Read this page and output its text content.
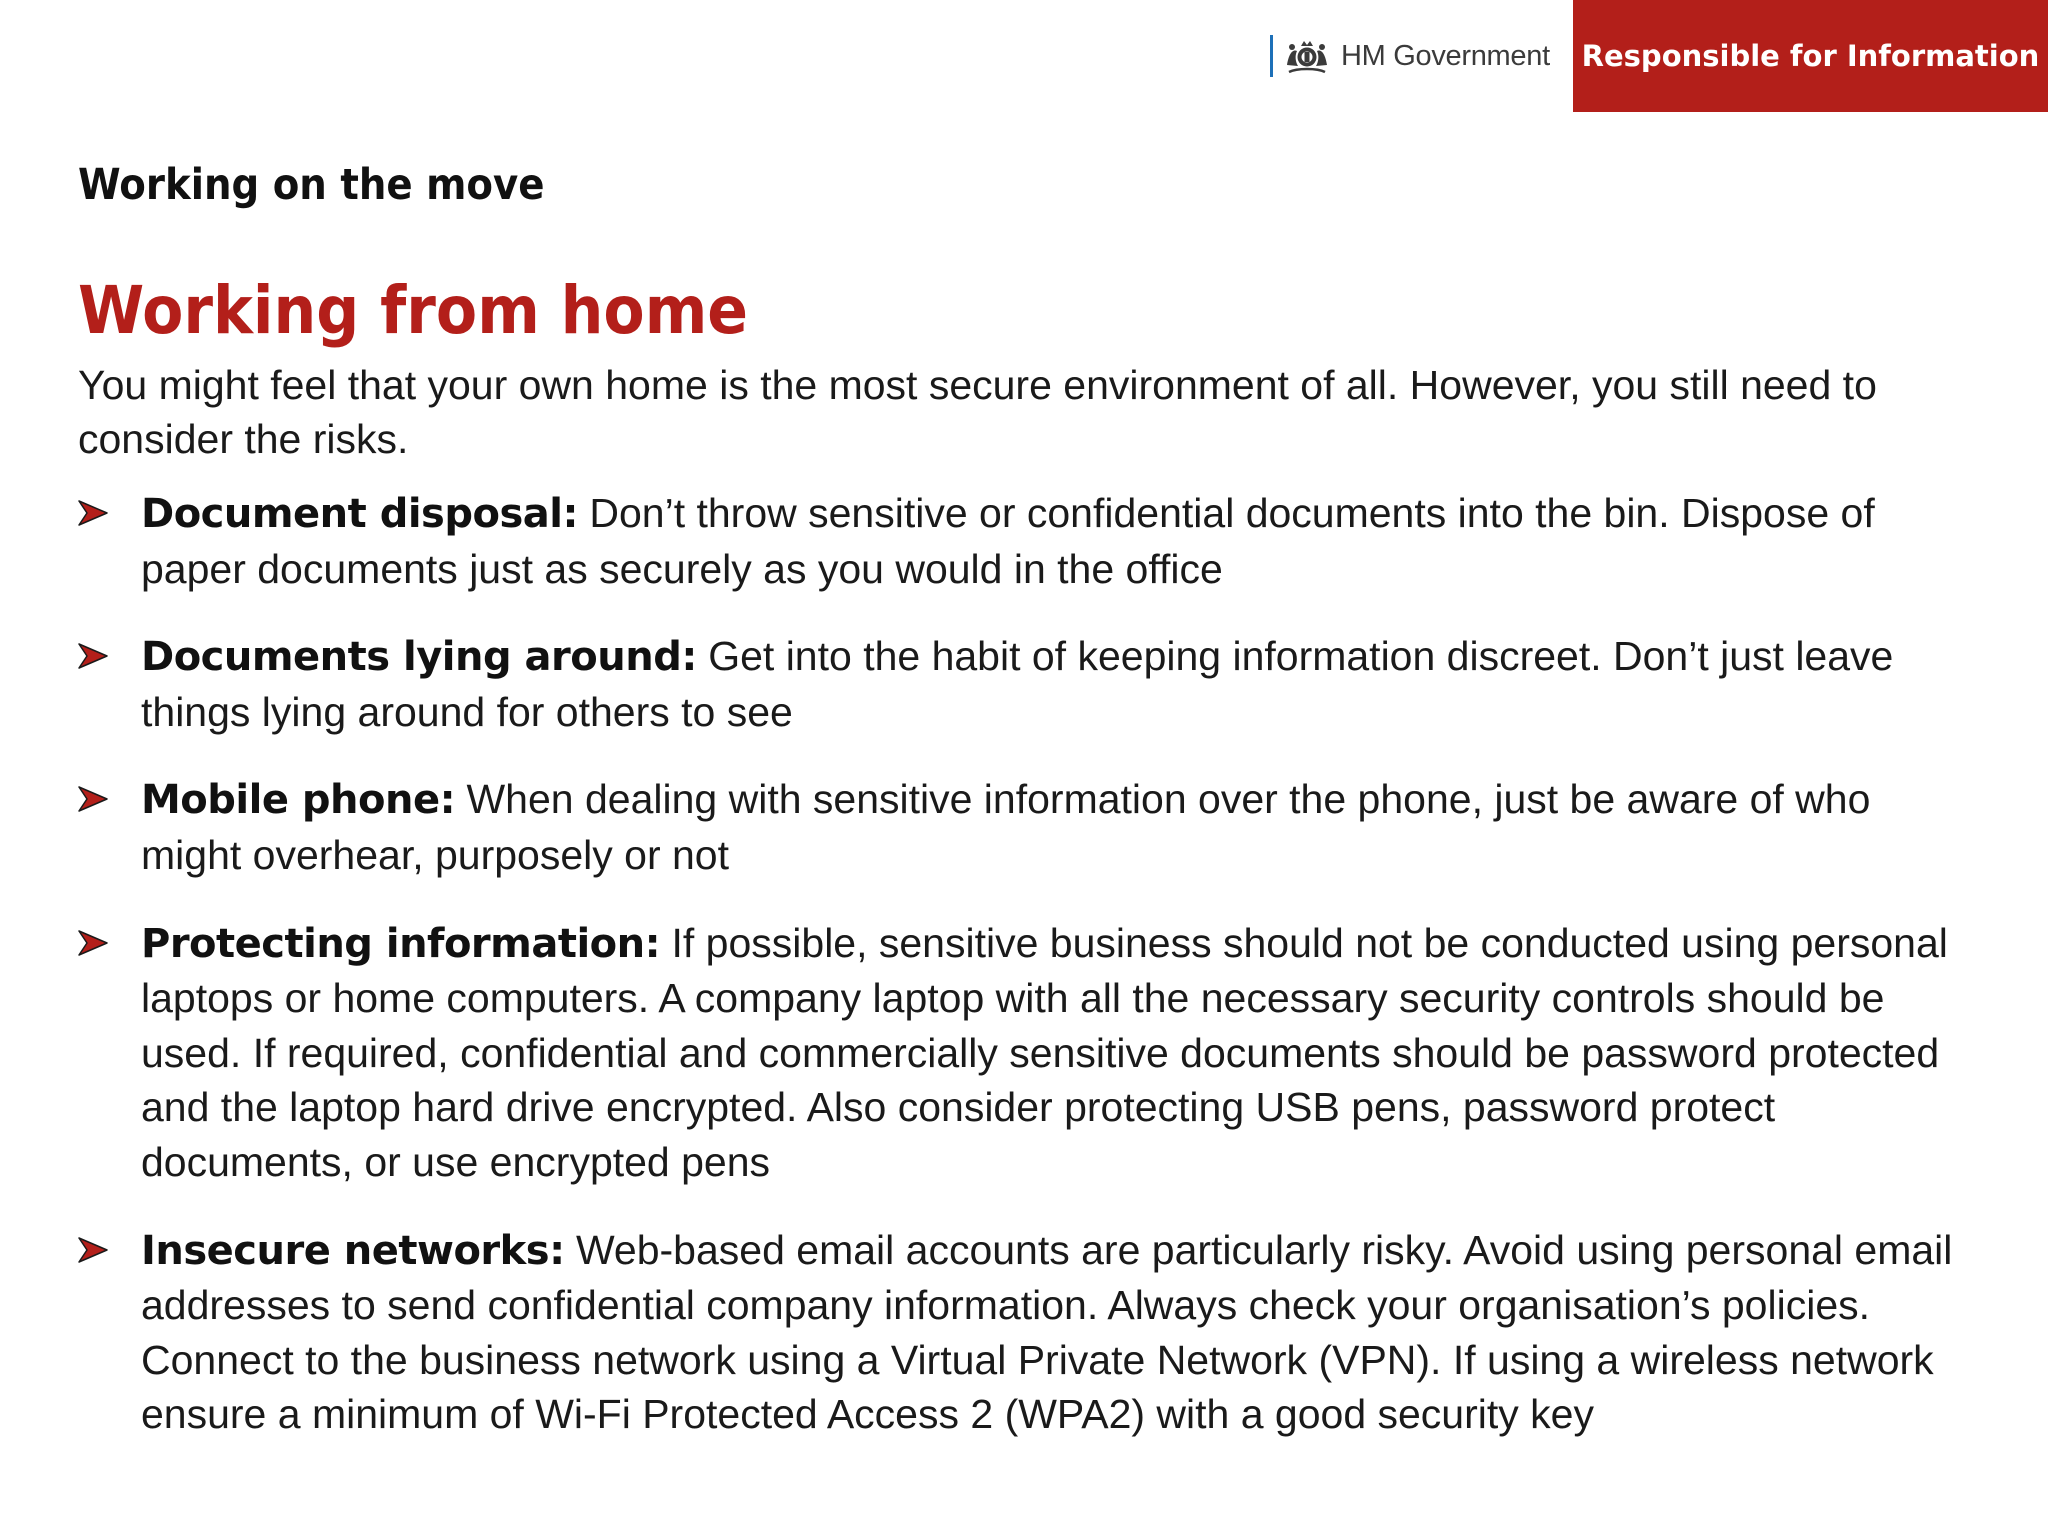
HM Government Responsible for Information
Working on the move
Working from home

You might feel that your own home is the most secure environment of all. However, you still need to consider the risks.

Document disposal: Don’t throw sensitive or confidential documents into the bin. Dispose of paper documents just as securely as you would in the office
Documents lying around: Get into the habit of keeping information discreet. Don’t just leave things lying around for others to see
Mobile phone: When dealing with sensitive information over the phone, just be aware of who might overhear, purposely or not
Protecting information: If possible, sensitive business should not be conducted using personal laptops or home computers. A company laptop with all the necessary security controls should be used. If required, confidential and commercially sensitive documents should be password protected and the laptop hard drive encrypted. Also consider protecting USB pens, password protect documents, or use encrypted pens
Insecure networks: Web-based email accounts are particularly risky. Avoid using personal email addresses to send confidential company information. Always check your organisation’s policies. Connect to the business network using a Virtual Private Network (VPN). If using a wireless network ensure a minimum of Wi-Fi Protected Access 2 (WPA2) with a good security key
